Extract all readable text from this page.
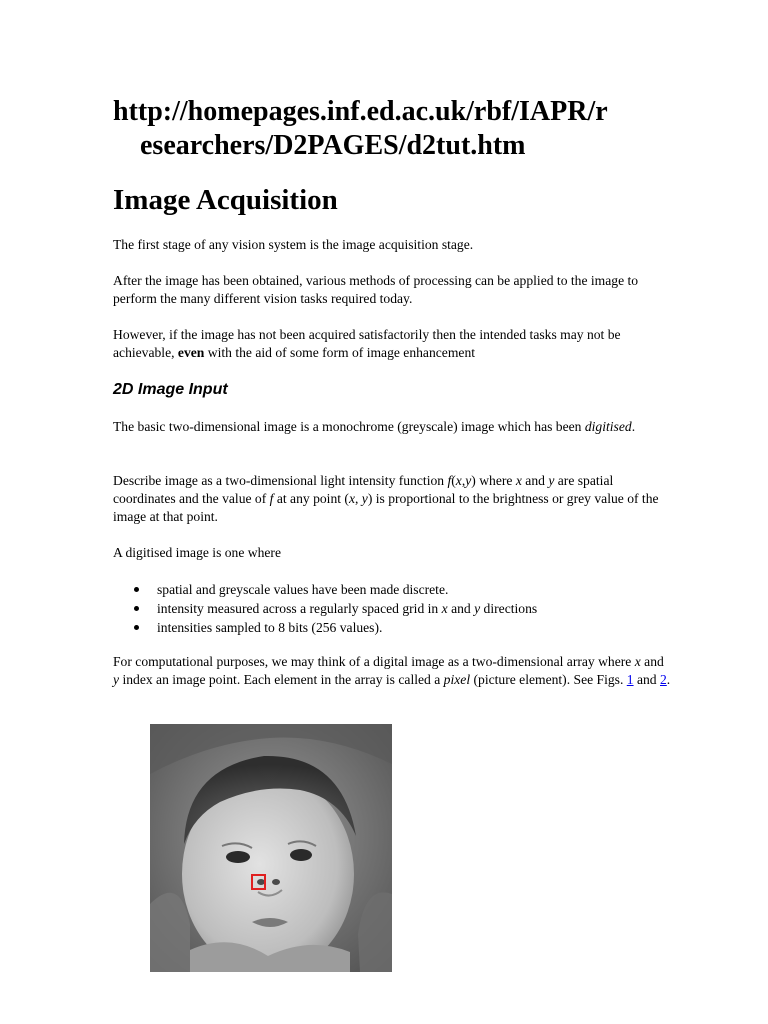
http://homepages.inf.ed.ac.uk/rbf/IAPR/r
esearchers/D2PAGES/d2tut.htm
Image Acquisition
The first stage of any vision system is the image acquisition stage.
After the image has been obtained, various methods of processing can be applied to the image to perform the many different vision tasks required today.
However, if the image has not been acquired satisfactorily then the intended tasks may not be achievable, even with the aid of some form of image enhancement
2D Image Input
The basic two-dimensional image is a monochrome (greyscale) image which has been digitised.
Describe image as a two-dimensional light intensity function f(x,y) where x and y are spatial coordinates and the value of f at any point (x, y) is proportional to the brightness or grey value of the image at that point.
A digitised image is one where
spatial and greyscale values have been made discrete.
intensity measured across a regularly spaced grid in x and y directions
intensities sampled to 8 bits (256 values).
For computational purposes, we may think of a digital image as a two-dimensional array where x and y index an image point. Each element in the array is called a pixel (picture element). See Figs. 1 and 2.
